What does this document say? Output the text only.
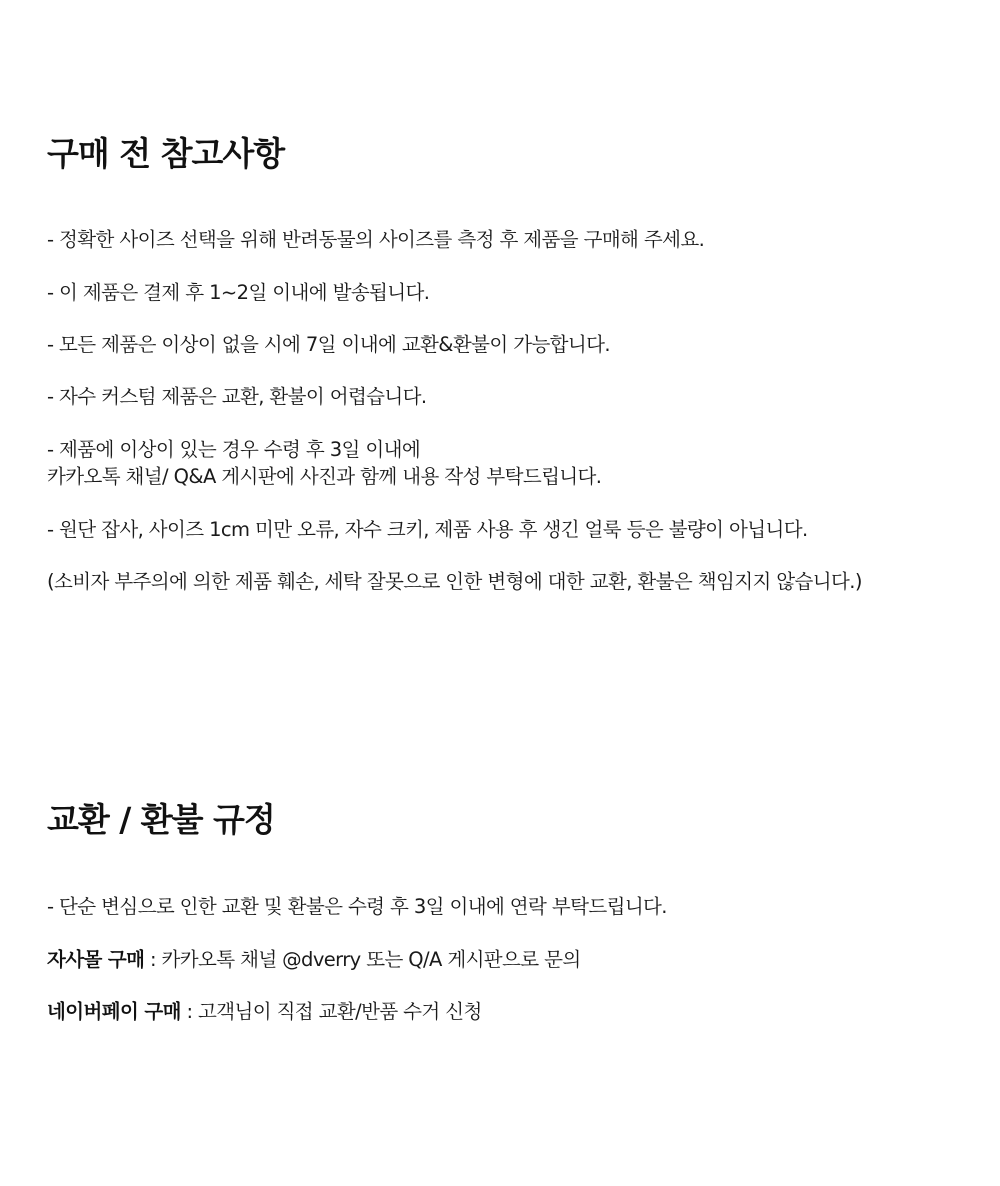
구매 전 참고사항
- 정확한 사이즈 선택을 위해 반려동물의 사이즈를 측정 후 제품을 구매해 주세요.
- 이 제품은 결제 후 1~2일 이내에 발송됩니다.
- 모든 제품은 이상이 없을 시에 7일 이내에 교환&환불이 가능합니다.
- 자수 커스텀 제품은 교환, 환불이 어렵습니다.
- 제품에 이상이 있는 경우 수령 후 3일 이내에
카카오톡 채널/ Q&A 게시판에 사진과 함께 내용 작성 부탁드립니다.
- 원단 잡사, 사이즈 1cm 미만 오류, 자수 크키, 제품 사용 후 생긴 얼룩 등은 불량이 아닙니다.
(소비자 부주의에 의한 제품 훼손, 세탁 잘못으로 인한 변형에 대한 교환, 환불은 책임지지 않습니다.)
교환 / 환불 규정
- 단순 변심으로 인한 교환 및 환불은 수령 후 3일 이내에 연락 부탁드립니다.
자사몰 구매 : 카카오톡 채널 @dverry 또는 Q/A 게시판으로 문의
네이버페이 구매 : 고객님이 직접 교환/반품 수거 신청
